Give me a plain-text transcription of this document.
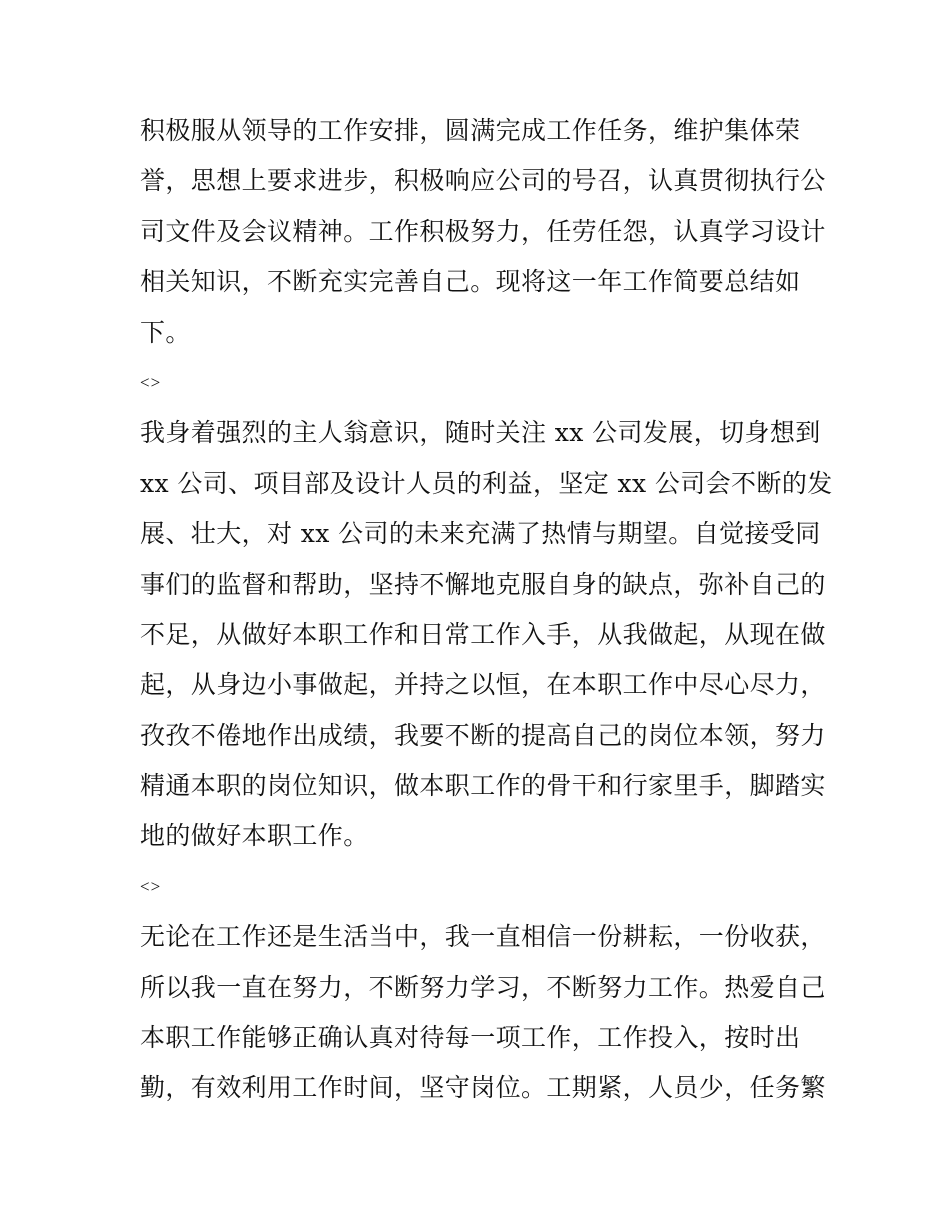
积极服从领导的工作安排，圆满完成工作任务，维护集体荣
誉，思想上要求进步，积极响应公司的号召，认真贯彻执行公
司文件及会议精神。工作积极努力，任劳任怨，认真学习设计
相关知识，不断充实完善自己。现将这一年工作简要总结如
下。
<>
我身着强烈的主人翁意识，随时关注 xx 公司发展，切身想到
xx 公司、项目部及设计人员的利益，坚定 xx 公司会不断的发
展、壮大，对 xx 公司的未来充满了热情与期望。自觉接受同
事们的监督和帮助，坚持不懈地克服自身的缺点，弥补自己的
不足，从做好本职工作和日常工作入手，从我做起，从现在做
起，从身边小事做起，并持之以恒，在本职工作中尽心尽力，
孜孜不倦地作出成绩，我要不断的提高自己的岗位本领，努力
精通本职的岗位知识，做本职工作的骨干和行家里手，脚踏实
地的做好本职工作。
<>
无论在工作还是生活当中，我一直相信一份耕耘，一份收获，
所以我一直在努力，不断努力学习，不断努力工作。热爱自己
本职工作能够正确认真对待每一项工作，工作投入，按时出
勤，有效利用工作时间，坚守岗位。工期紧，人员少，任务繁
